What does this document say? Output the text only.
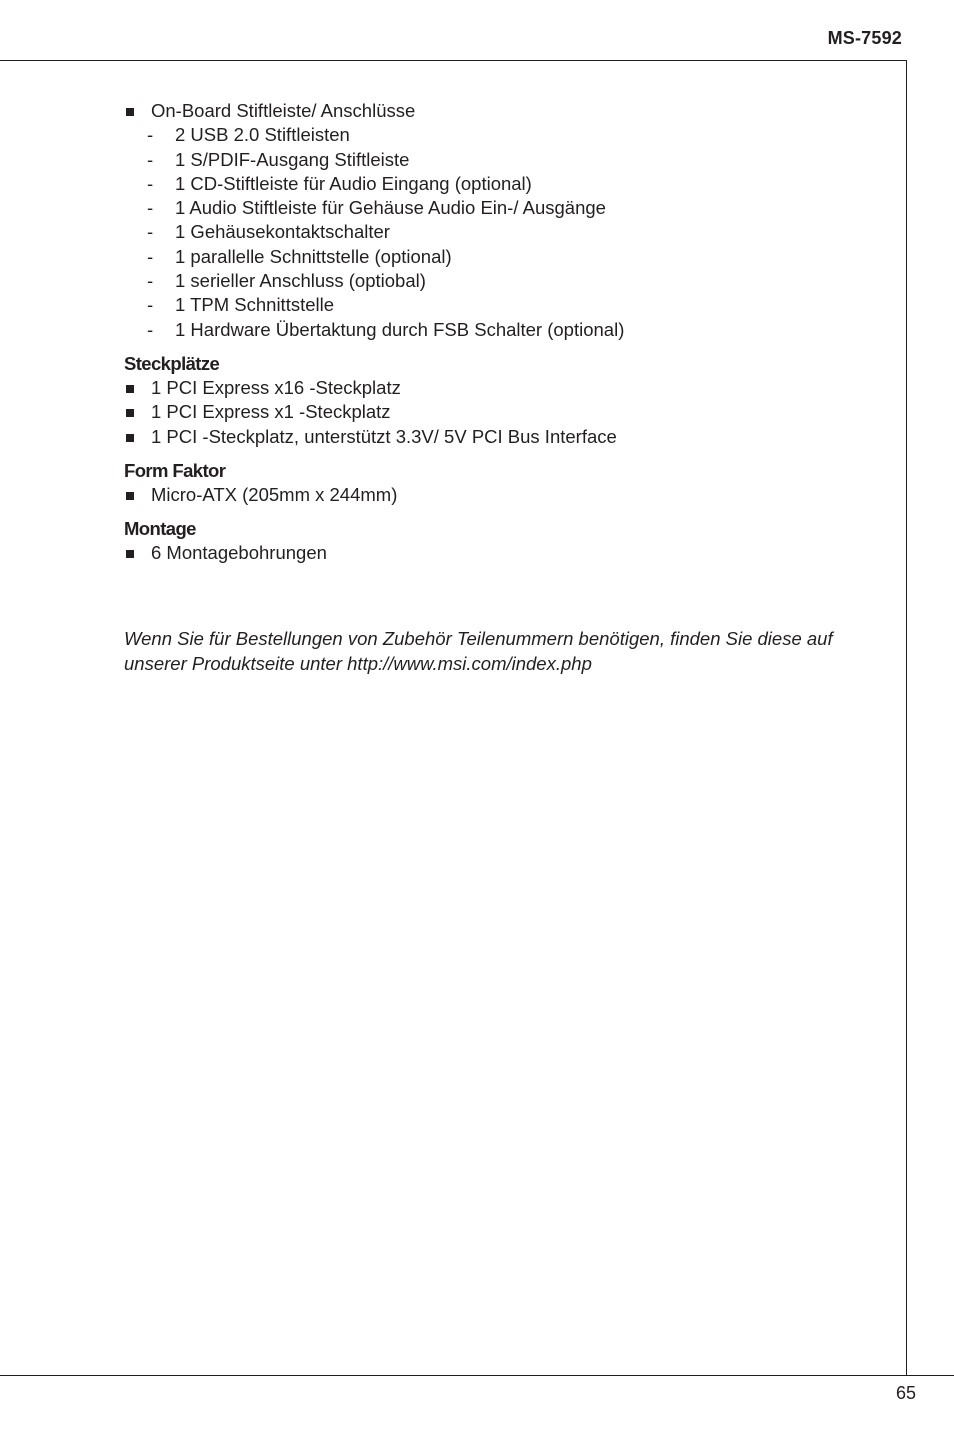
MS-7592
On-Board Stiftleiste/ Anschlüsse
- 2 USB 2.0 Stiftleisten
- 1 S/PDIF-Ausgang Stiftleiste
- 1 CD-Stiftleiste für Audio Eingang (optional)
- 1 Audio Stiftleiste für Gehäuse Audio Ein-/ Ausgänge
- 1 Gehäusekontaktschalter
- 1 parallelle Schnittstelle (optional)
- 1 serieller Anschluss (optiobal)
- 1 TPM Schnittstelle
- 1 Hardware Übertaktung durch FSB Schalter (optional)
Steckplätze
1 PCI Express x16 -Steckplatz
1 PCI Express x1 -Steckplatz
1 PCI -Steckplatz, unterstützt 3.3V/ 5V PCI Bus Interface
Form Faktor
Micro-ATX (205mm x 244mm)
Montage
6 Montagebohrungen
Wenn Sie für Bestellungen von Zubehör Teilenummern benötigen, finden Sie diese auf unserer Produktseite unter http://www.msi.com/index.php
65
